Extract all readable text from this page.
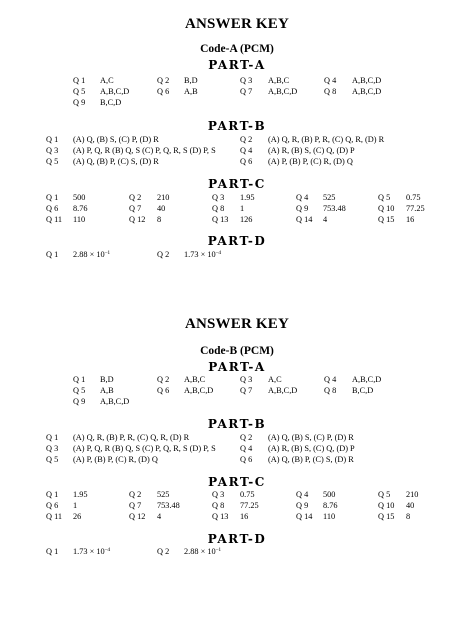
ANSWER KEY
Code-A (PCM)
PART-A
Q 1 A,C	Q 2 B,D	Q 3 A,B,C	Q 4 A,B,C,D
Q 5 A,B,C,D	Q 6 A,B	Q 7 A,B,C,D	Q 8 A,B,C,D
Q 9 B,C,D
PART-B
Q 1 (A) Q, (B) S, (C) P, (D) R	Q 2 (A) Q, R, (B) P, R, (C) Q, R, (D) R
Q 3 (A) P, Q, R (B) Q, S (C) P, Q, R, S (D) P, S	Q 4 (A) R, (B) S, (C) Q, (D) P
Q 5 (A) Q, (B) P, (C) S, (D) R	Q 6 (A) P, (B) P, (C) R, (D) Q
PART-C
Q 1 500	Q 2 210	Q 3 1.95	Q 4 525	Q 5 0.75
Q 6 8.76	Q 7 40	Q 8 1	Q 9 753.48	Q 10 77.25
Q 11 110	Q 12 8	Q 13 126	Q 14 4	Q 15 16
PART-D
Q 1 $2.88 \times 10^{-1}$	Q 2 $1.73 \times 10^{-4}$
ANSWER KEY
Code-B (PCM)
PART-A
Q 1 B,D	Q 2 A,B,C	Q 3 A,C	Q 4 A,B,C,D
Q 5 A,B	Q 6 A,B,C,D	Q 7 A,B,C,D	Q 8 B,C,D
Q 9 A,B,C,D
PART-B
Q 1 (A) Q, R, (B) P, R, (C) Q, R, (D) R	Q 2 (A) Q, (B) S, (C) P, (D) R
Q 3 (A) P, Q, R (B) Q, S (C) P, Q, R, S (D) P, S	Q 4 (A) R, (B) S, (C) Q, (D) P
Q 5 (A) P, (B) P, (C) R, (D) Q	Q 6 (A) Q, (B) P, (C) S, (D) R
PART-C
Q 1 1.95	Q 2 525	Q 3 0.75	Q 4 500	Q 5 210
Q 6 1	Q 7 753.48	Q 8 77.25	Q 9 8.76	Q 10 40
Q 11 26	Q 12 4	Q 13 16	Q 14 110	Q 15 8
PART-D
Q 1 $1.73 \times 10^{-4}$	Q 2 $2.88 \times 10^{-1}$
